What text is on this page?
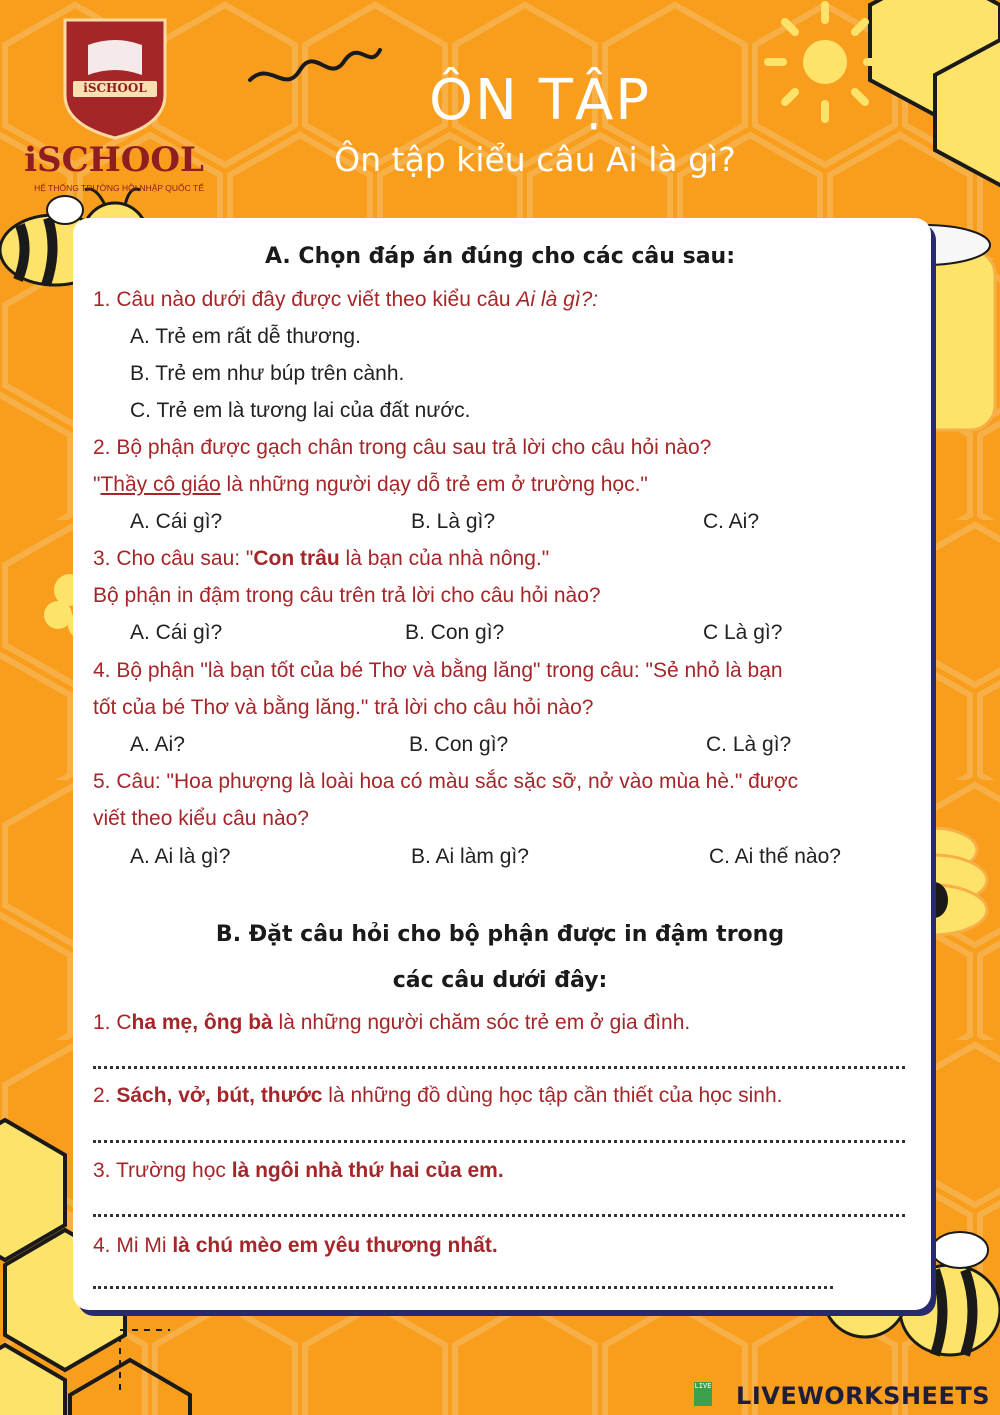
iSCHOOL
iSCHOOL
HỆ THỐNG TRƯỜNG HỘI NHẬP QUỐC TẾ
ÔN TẬP
Ôn tập kiểu câu Ai là gì?
A. Chọn đáp án đúng cho các câu sau:
1. Câu nào dưới đây được viết theo kiểu câu Ai là gì?:
A. Trẻ em rất dễ thương.
B. Trẻ em như búp trên cành.
C. Trẻ em là tương lai của đất nước.
2. Bộ phận được gạch chân trong câu sau trả lời cho câu hỏi nào?
"Thầy cô giáo là những người dạy dỗ trẻ em ở trường học."
A. Cái gì?	B. Là gì?	C. Ai?
3. Cho câu sau: "Con trâu là bạn của nhà nông."
Bộ phận in đậm trong câu trên trả lời cho câu hỏi nào?
A. Cái gì?	B. Con gì?	C Là gì?
4. Bộ phận "là bạn tốt của bé Thơ và bằng lăng" trong câu: "Sẻ nhỏ là bạn
tốt của bé Thơ và bằng lăng." trả lời cho câu hỏi nào?
A. Ai?	B. Con gì?	C. Là gì?
5. Câu: "Hoa phượng là loài hoa có màu sắc sặc sỡ, nở vào mùa hè." được
viết theo kiểu câu nào?
A. Ai là gì?	B. Ai làm gì?	C. Ai thế nào?
B. Đặt câu hỏi cho bộ phận được in đậm trong
các câu dưới đây:
1. Cha mẹ, ông bà là những người chăm sóc trẻ em ở gia đình.
2. Sách, vở, bút, thước là những đồ dùng học tập cần thiết của học sinh.
3. Trường học là ngôi nhà thứ hai của em.
4. Mi Mi là chú mèo em yêu thương nhất.
LIVE LIVEWORKSHEETS
